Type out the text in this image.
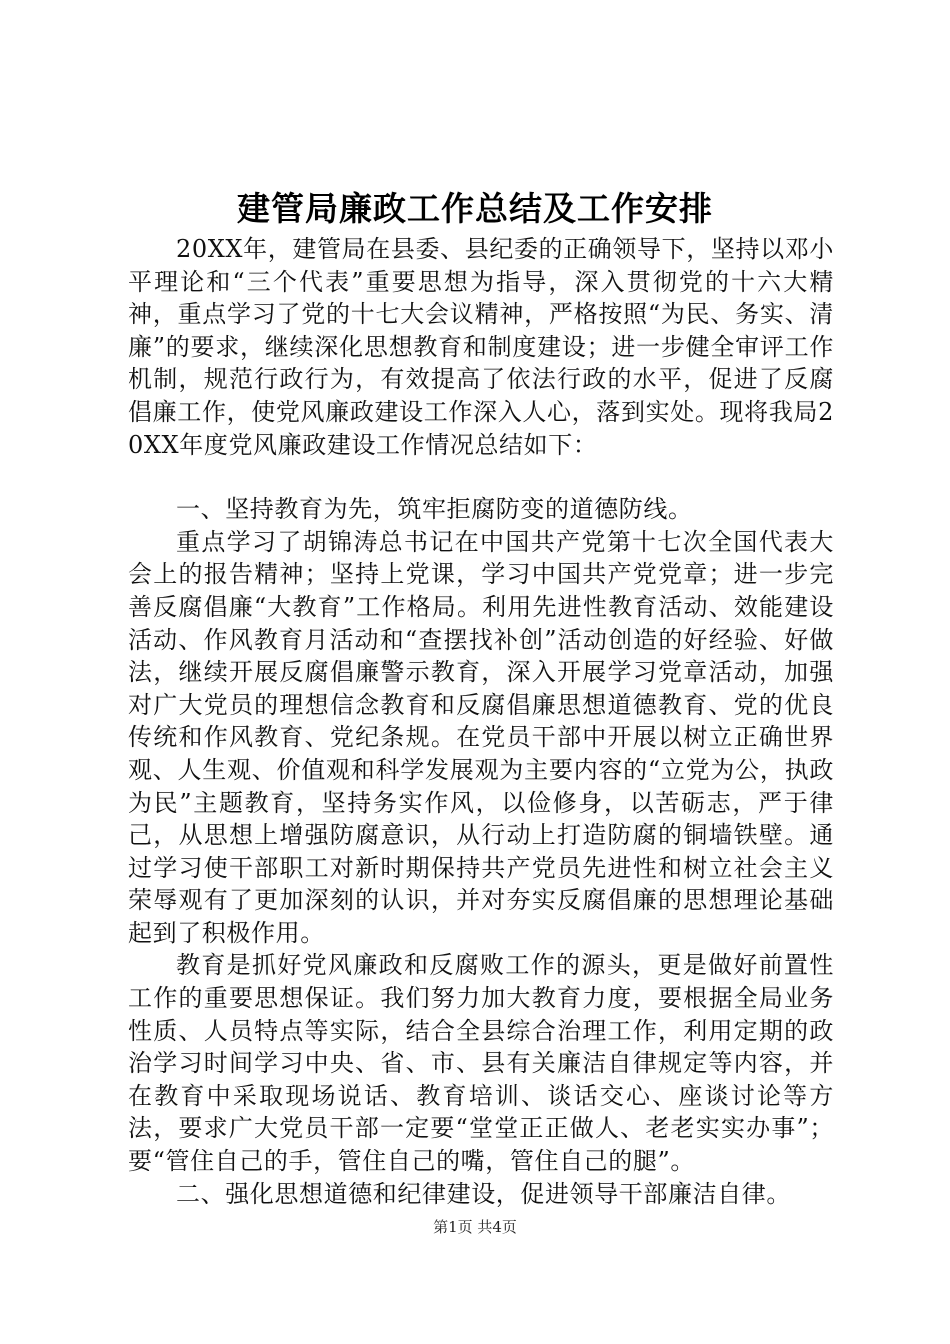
建管局廉政工作总结及工作安排

20XX年，建管局在县委、县纪委的正确领导下，坚持以邓小平理论和“三个代表”重要思想为指导，深入贯彻党的十六大精神，重点学习了党的十七大会议精神，严格按照“为民、务实、清廉”的要求，继续深化思想教育和制度建设；进一步健全审评工作机制，规范行政行为，有效提高了依法行政的水平，促进了反腐倡廉工作，使党风廉政建设工作深入人心，落到实处。现将我局20XX年度党风廉政建设工作情况总结如下：

一、坚持教育为先，筑牢拒腐防变的道德防线。

重点学习了胡锦涛总书记在中国共产党第十七次全国代表大会上的报告精神；坚持上党课，学习中国共产党党章；进一步完善反腐倡廉“大教育”工作格局。利用先进性教育活动、效能建设活动、作风教育月活动和“查摆找补创”活动创造的好经验、好做法，继续开展反腐倡廉警示教育，深入开展学习党章活动，加强对广大党员的理想信念教育和反腐倡廉思想道德教育、党的优良传统和作风教育、党纪条规。在党员干部中开展以树立正确世界观、人生观、价值观和科学发展观为主要内容的“立党为公，执政为民”主题教育，坚持务实作风，以俭修身，以苦砺志，严于律己，从思想上增强防腐意识，从行动上打造防腐的铜墙铁壁。通过学习使干部职工对新时期保持共产党员先进性和树立社会主义荣辱观有了更加深刻的认识，并对夯实反腐倡廉的思想理论基础起到了积极作用。

教育是抓好党风廉政和反腐败工作的源头，更是做好前置性工作的重要思想保证。我们努力加大教育力度，要根据全局业务性质、人员特点等实际，结合全县综合治理工作，利用定期的政治学习时间学习中央、省、市、县有关廉洁自律规定等内容，并在教育中采取现场说话、教育培训、谈话交心、座谈讨论等方法，要求广大党员干部一定要“堂堂正正做人、老老实实办事”；要“管住自己的手，管住自己的嘴，管住自己的腿”。

二、强化思想道德和纪律建设，促进领导干部廉洁自律。

第1页 共4页
